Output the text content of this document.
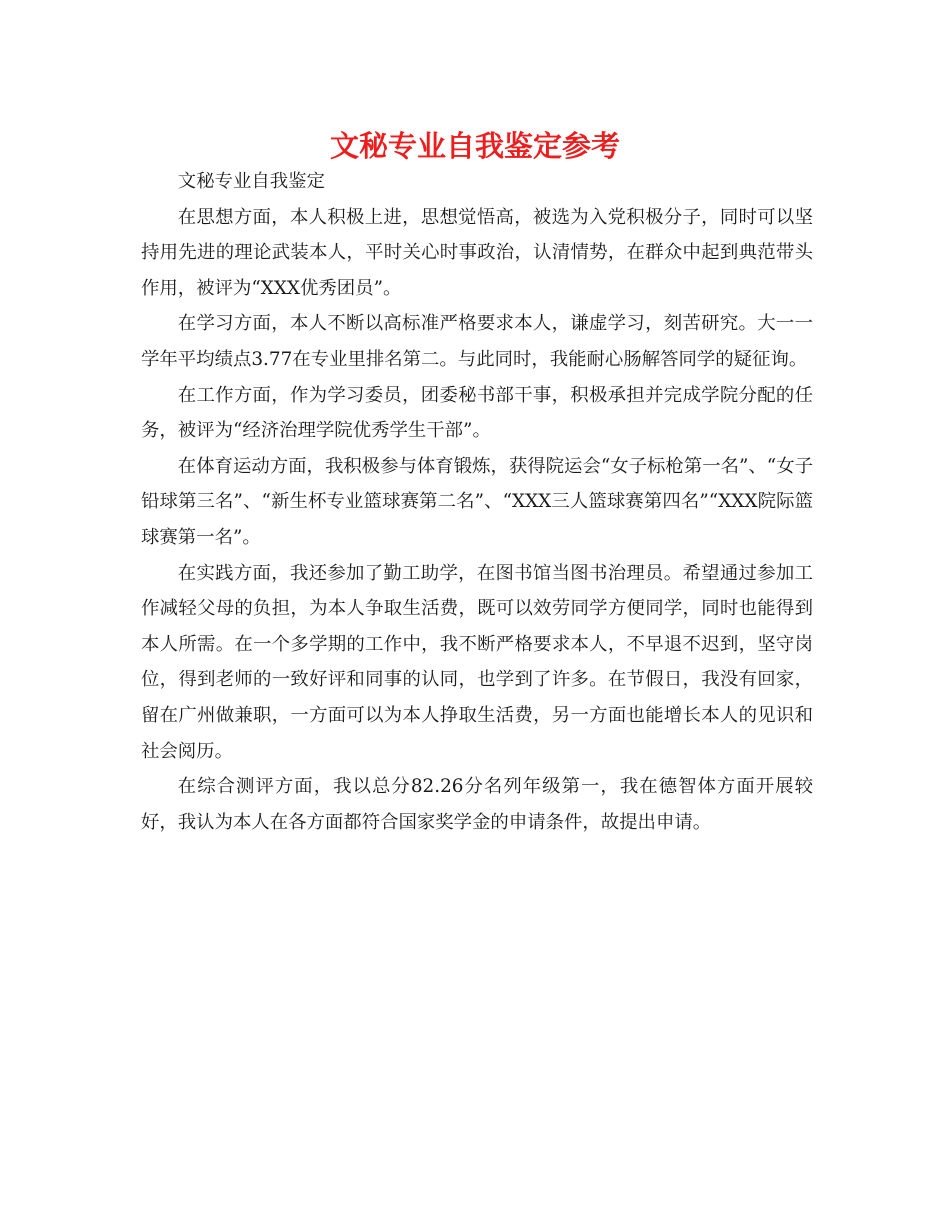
文秘专业自我鉴定参考

文秘专业自我鉴定

在思想方面，本人积极上进，思想觉悟高，被选为入党积极分子，同时可以坚持用先进的理论武装本人，平时关心时事政治，认清情势，在群众中起到典范带头作用，被评为“XXX优秀团员”。

在学习方面，本人不断以高标准严格要求本人，谦虚学习，刻苦研究。大一一学年平均绩点3.77在专业里排名第二。与此同时，我能耐心肠解答同学的疑征询。

在工作方面，作为学习委员，团委秘书部干事，积极承担并完成学院分配的任务，被评为“经济治理学院优秀学生干部”。

在体育运动方面，我积极参与体育锻炼，获得院运会“女子标枪第一名”、“女子铅球第三名”、“新生杯专业篮球赛第二名”、“XXX三人篮球赛第四名”“XXX院际篮球赛第一名”。

在实践方面，我还参加了勤工助学，在图书馆当图书治理员。希望通过参加工作减轻父母的负担，为本人争取生活费，既可以效劳同学方便同学，同时也能得到本人所需。在一个多学期的工作中，我不断严格要求本人，不早退不迟到，坚守岗位，得到老师的一致好评和同事的认同，也学到了许多。在节假日，我没有回家，留在广州做兼职，一方面可以为本人挣取生活费，另一方面也能增长本人的见识和社会阅历。

在综合测评方面，我以总分82.26分名列年级第一，我在德智体方面开展较好，我认为本人在各方面都符合国家奖学金的申请条件，故提出申请。
